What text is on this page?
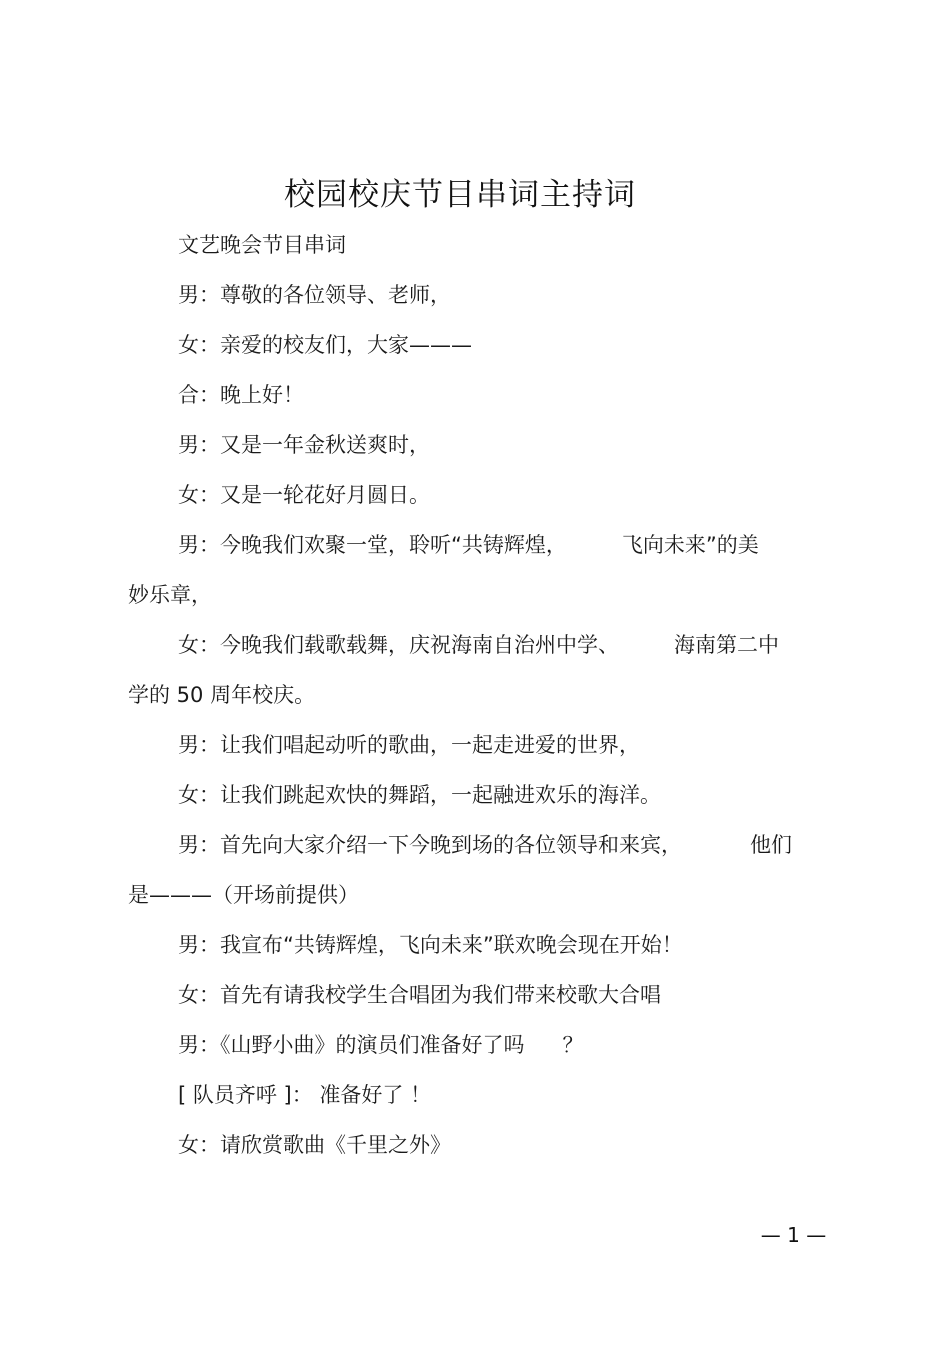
校园校庆节目串词主持词
文艺晚会节目串词
男：尊敬的各位领导、老师，
女：亲爱的校友们，大家———
合：晚上好！
男：又是一年金秋送爽时，
女：又是一轮花好月圆日。
男：今晚我们欢聚一堂，聆听“共铸辉煌，	飞向未来”的美
妙乐章，
女：今晚我们载歌载舞，庆祝海南自治州中学、	海南第二中
学的 50 周年校庆。
男：让我们唱起动听的歌曲，一起走进爱的世界，
女：让我们跳起欢快的舞蹈，一起融进欢乐的海洋。
男：首先向大家介绍一下今晚到场的各位领导和来宾，	他们
是———（开场前提供）
男：我宣布“共铸辉煌，飞向未来”联欢晚会现在开始！
女：首先有请我校学生合唱团为我们带来校歌大合唱
男：《山野小曲》的演员们准备好了吗 ？
[ 队员齐呼 ]： 准备好了 ！
女：请欣赏歌曲《千里之外》
— 1 —
